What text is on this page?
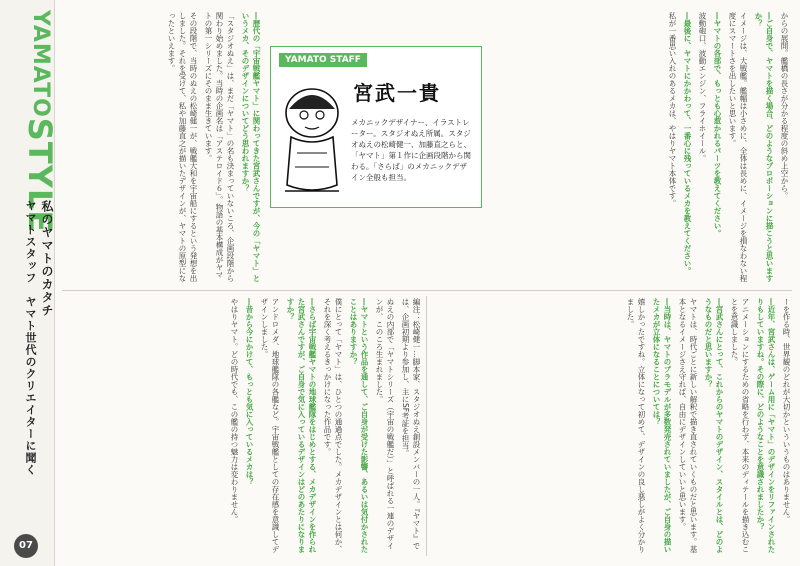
YAMATOSTYLE
ヤマトスタッフ　ヤマト世代のクリエイターに聞く 私のヤマトのカタチ
07
YAMATO STAFF
宮武一貴
メカニックデザイナー、イラストレーター。スタジオぬえ所属。スタジオぬえの松崎健一、加藤直之らと、「ヤマト」第１作に企画段階から関わる。「さらば」のメカニックデザイン全般も担当。	からの展開。艦橋の長さが分かる程度の斜め上空から。

―ご自身で、ヤマトを描く場合、どのようなプロポーションに描こうと思いますか？

イメージは、大戦艦。艦幅は小さめに、全体は長めに、イメージを損なわない程度にスマートさを出したいと思います。

―ヤマトの各部で、もっとも心惹かれるパーツを教えてください。

波動砲口、波動エンジン、フライホイール。

―最後に、ヤマトにかかわって、一番心に残っているメカを教えてください。

私が一番思い入れのあるメカは、やはりヤマト本体です。

―歴代の「宇宙戦艦ヤマト」に関わってきた宮武さんですが、今の「ヤマト」というメカ、そのデザインについてどう思われますか？

「スタジオぬえ」は、まだ「ヤマト」の名も決まっていないころ、企画段階から関わり始めました。当時の企画名は「アステロイド６」。物語の基本構成がヤマトの第一シリーズにそのまま生きています。

その段階で、当時のぬえの松崎健一が、戦艦大和を宇宙船にするという発想を出しました。それを受けて、私や加藤直之が描いたデザインが、ヤマトの原型になったといえます。

編注：松崎健一…脚本家、スタジオぬえ創設メンバーの一人。『ヤマト』では、企画初期より参加し、主にSF考証を担当。

ぬえの内部で「ヤマトシリーズ（宇宙の戦艦だ）」と呼ばれる一連のデザインが、このころ生まれました。

―ヤマトという作品を通して、ご自身が受けた影響、あるいは気付かされたことはありますか？

僕にとって「ヤマト」は、ひとつの通過点でした。メカデザインとは何か、それを深く考えるきっかけになった作品です。

―さらば宇宙戦艦ヤマトの地球艦隊をはじめとする、メカデザインを作られた宮武さんですが、ご自身で気に入っているデザインはどのあたりになりますか？

アンドロメダ、地球艦隊の各艦など。宇宙戦艦としての存在感を意識してデザインしました。

―昔から今にかけて、もっとも気に入っているメカは？

やはりヤマト。どの時代でも、この艦の持つ魅力は変わりません。	ーを作る時、世界観のどれが大切かといういうものはありません。

―近年、宮武さんは、ゲーム用に「ヤマト」のデザインをリファインされたりもしていますね。その際に、どのようなことを意識されましたか？

アニメーションにするための省略を行わず、本来のディテールを描き込むことを意識しました。

―宮武さんにとって、これからのヤマトのデザイン、スタイルとは、どのようなものだと思いますか？

ヤマトは、時代ごとに新しい解釈で描き直されていくものだと思います。基本となるイメージさえ守れば、自由にデザインしていいと思います。

―当時は、ヤマトのプラモデルが多数発売されていましたが、ご自身の描いたメカが立体になることについては？

嬉しかったですね。立体になって初めて、デザインの良し悪しがよく分かりました。
